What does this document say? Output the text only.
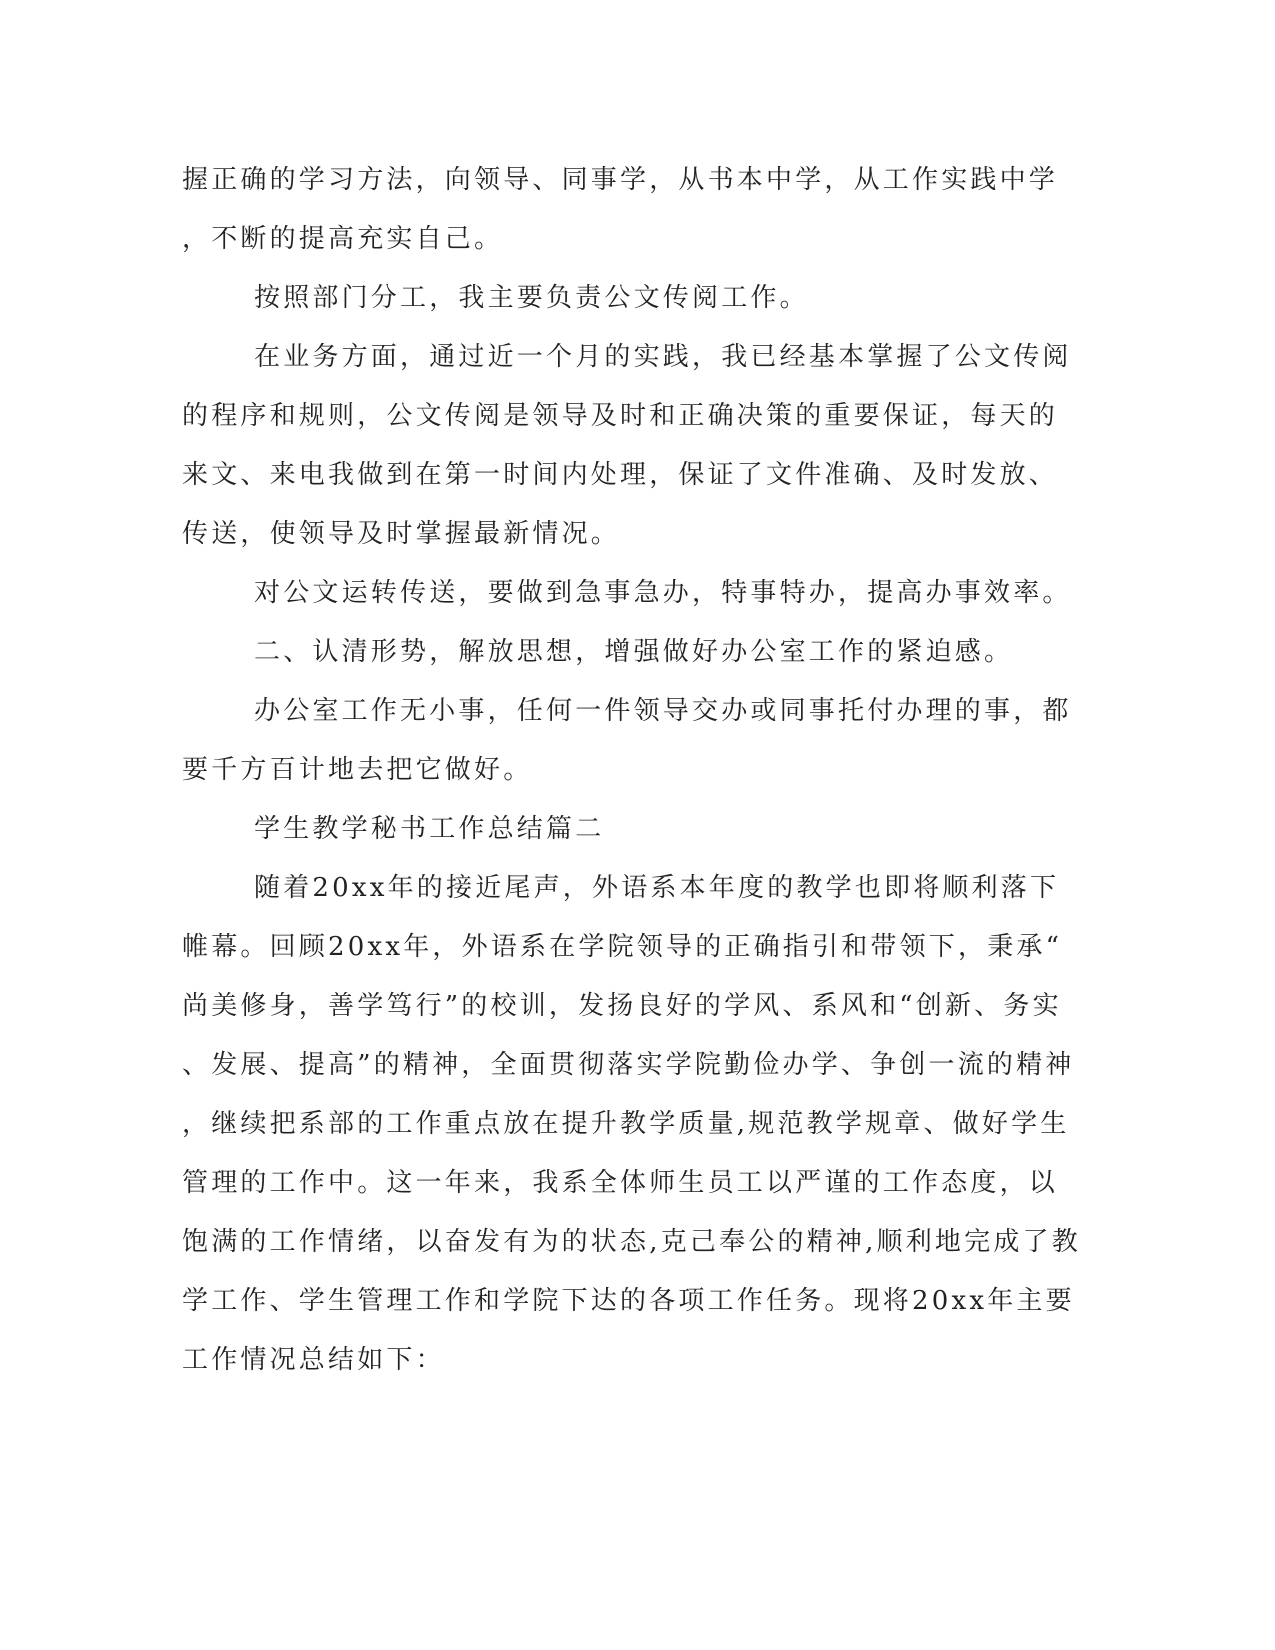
握正确的学习方法，向领导、同事学，从书本中学，从工作实践中学
，不断的提高充实自己。
按照部门分工，我主要负责公文传阅工作。
在业务方面，通过近一个月的实践，我已经基本掌握了公文传阅
的程序和规则，公文传阅是领导及时和正确决策的重要保证，每天的
来文、来电我做到在第一时间内处理，保证了文件准确、及时发放、
传送，使领导及时掌握最新情况。
对公文运转传送，要做到急事急办，特事特办，提高办事效率。
二、认清形势，解放思想，增强做好办公室工作的紧迫感。
办公室工作无小事，任何一件领导交办或同事托付办理的事，都
要千方百计地去把它做好。
学生教学秘书工作总结篇二
随着20xx年的接近尾声，外语系本年度的教学也即将顺利落下
帷幕。回顾20xx年，外语系在学院领导的正确指引和带领下，秉承“
尚美修身，善学笃行”的校训，发扬良好的学风、系风和“创新、务实
、发展、提高”的精神，全面贯彻落实学院勤俭办学、争创一流的精神
，继续把系部的工作重点放在提升教学质量,规范教学规章、做好学生
管理的工作中。这一年来，我系全体师生员工以严谨的工作态度，以
饱满的工作情绪，以奋发有为的状态,克己奉公的精神,顺利地完成了教
学工作、学生管理工作和学院下达的各项工作任务。现将20xx年主要
工作情况总结如下：
